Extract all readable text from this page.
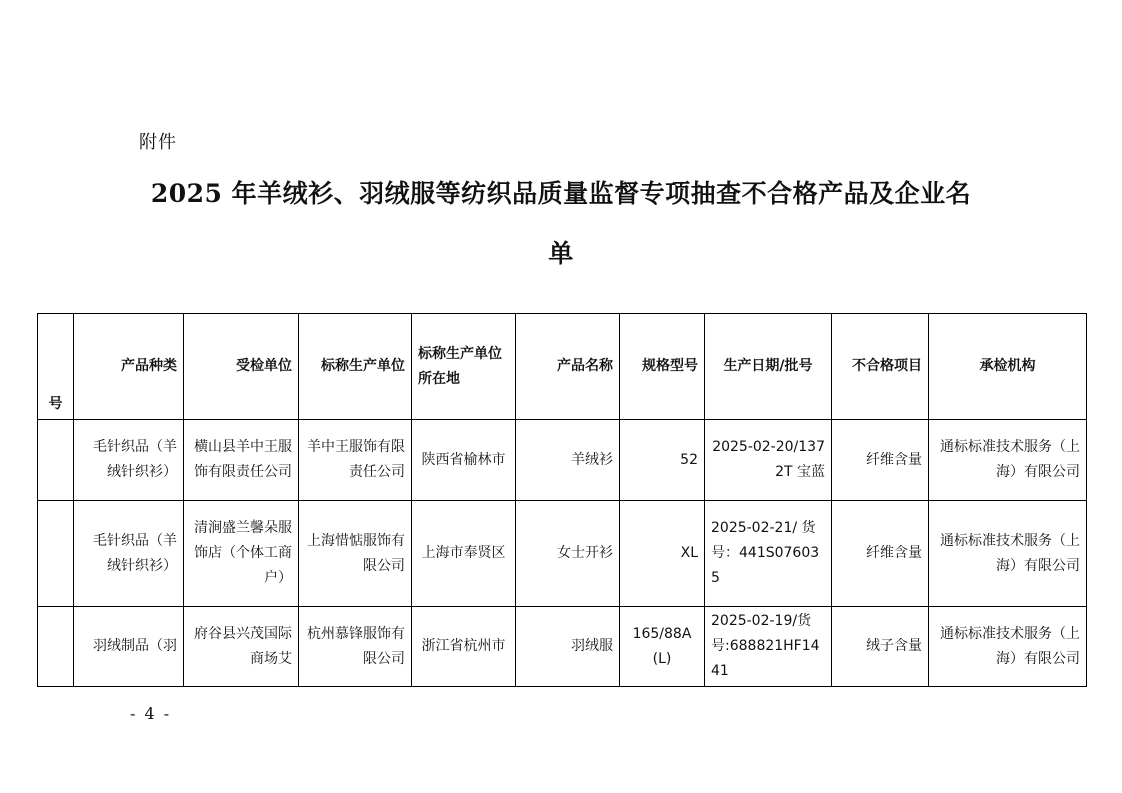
附件
2025 年羊绒衫、羽绒服等纺织品质量监督专项抽查不合格产品及企业名
单
号	产品种类	受检单位	标称生产单位	标称生产单位所在地	产品名称	规格型号	生产日期/批号	不合格项目	承检机构
	毛针织品（羊绒针织衫）	横山县羊中王服饰有限责任公司	羊中王服饰有限责任公司	陕西省榆林市	羊绒衫	52	2025-02-20/1372T 宝蓝	纤维含量	通标标准技术服务（上海）有限公司
	毛针织品（羊绒针织衫）	清涧盛兰馨朵服饰店（个体工商户）	上海惜惦服饰有限公司	上海市奉贤区	女士开衫	XL	2025-02-21/ 货号：441S076035	纤维含量	通标标准技术服务（上海）有限公司
	羽绒制品（羽	府谷县兴茂国际商场艾	杭州慕锋服饰有限公司	浙江省杭州市	羽绒服	165/88A(L)	2025-02-19/货号:688821HF1441	绒子含量	通标标准技术服务（上海）有限公司
- 4 -
